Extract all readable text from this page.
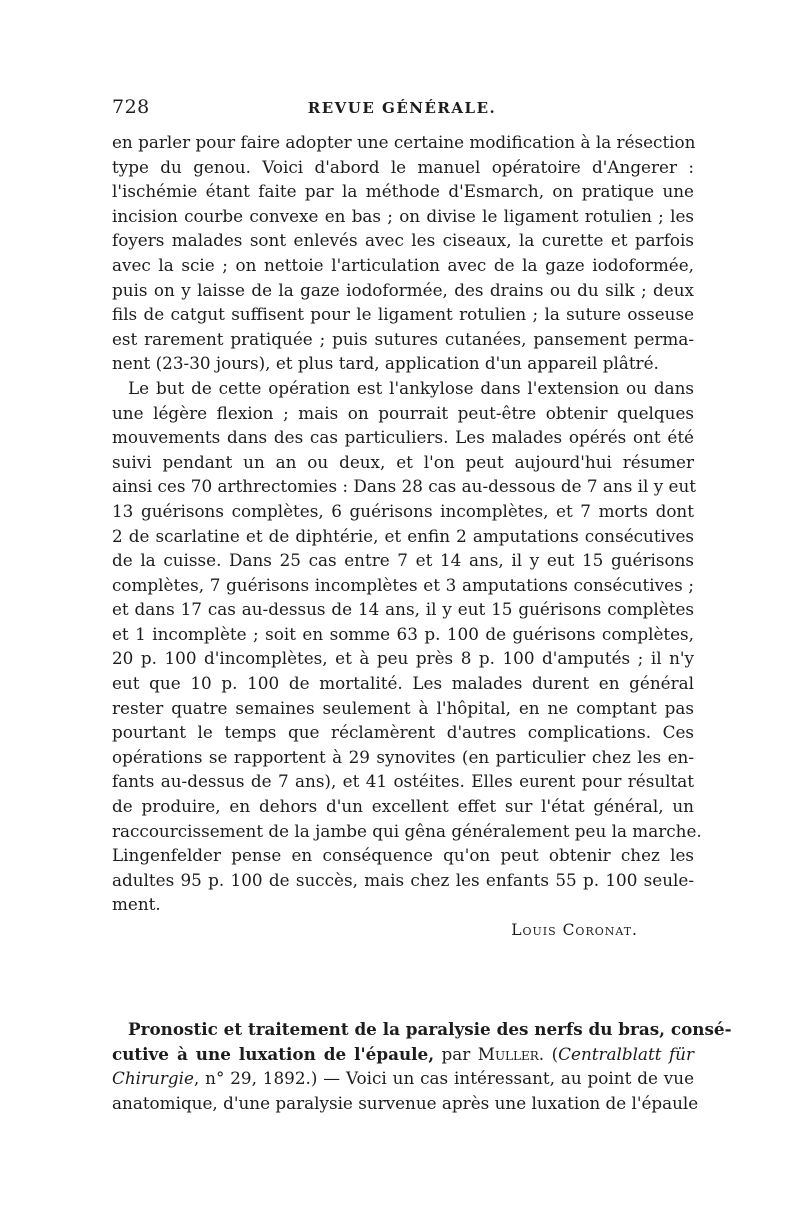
728	REVUE GÉNÉRALE.
en parler pour faire adopter une certaine modification à la résection
type du genou. Voici d'abord le manuel opératoire d'Angerer :
l'ischémie étant faite par la méthode d'Esmarch, on pratique une
incision courbe convexe en bas ; on divise le ligament rotulien ; les
foyers malades sont enlevés avec les ciseaux, la curette et parfois
avec la scie ; on nettoie l'articulation avec de la gaze iodoformée,
puis on y laisse de la gaze iodoformée, des drains ou du silk ; deux
fils de catgut suffisent pour le ligament rotulien ; la suture osseuse
est rarement pratiquée ; puis sutures cutanées, pansement perma-
nent (23-30 jours), et plus tard, application d'un appareil plâtré.
Le but de cette opération est l'ankylose dans l'extension ou dans
une légère flexion ; mais on pourrait peut-être obtenir quelques
mouvements dans des cas particuliers. Les malades opérés ont été
suivi pendant un an ou deux, et l'on peut aujourd'hui résumer
ainsi ces 70 arthrectomies : Dans 28 cas au-dessous de 7 ans il y eut
13 guérisons complètes, 6 guérisons incomplètes, et 7 morts dont
2 de scarlatine et de diphtérie, et enfin 2 amputations consécutives
de la cuisse. Dans 25 cas entre 7 et 14 ans, il y eut 15 guérisons
complètes, 7 guérisons incomplètes et 3 amputations consécutives ;
et dans 17 cas au-dessus de 14 ans, il y eut 15 guérisons complètes
et 1 incomplète ; soit en somme 63 p. 100 de guérisons complètes,
20 p. 100 d'incomplètes, et à peu près 8 p. 100 d'amputés ; il n'y
eut que 10 p. 100 de mortalité. Les malades durent en général
rester quatre semaines seulement à l'hôpital, en ne comptant pas
pourtant le temps que réclamèrent d'autres complications. Ces
opérations se rapportent à 29 synovites (en particulier chez les en-
fants au-dessus de 7 ans), et 41 ostéites. Elles eurent pour résultat
de produire, en dehors d'un excellent effet sur l'état général, un
raccourcissement de la jambe qui gêna généralement peu la marche.
Lingenfelder pense en conséquence qu'on peut obtenir chez les
adultes 95 p. 100 de succès, mais chez les enfants 55 p. 100 seule-
ment.
Louis Coronat.
Pronostic et traitement de la paralysie des nerfs du bras, consé-
cutive à une luxation de l'épaule, par Muller. (Centralblatt für
Chirurgie, n° 29, 1892.) — Voici un cas intéressant, au point de vue
anatomique, d'une paralysie survenue après une luxation de l'épaule
